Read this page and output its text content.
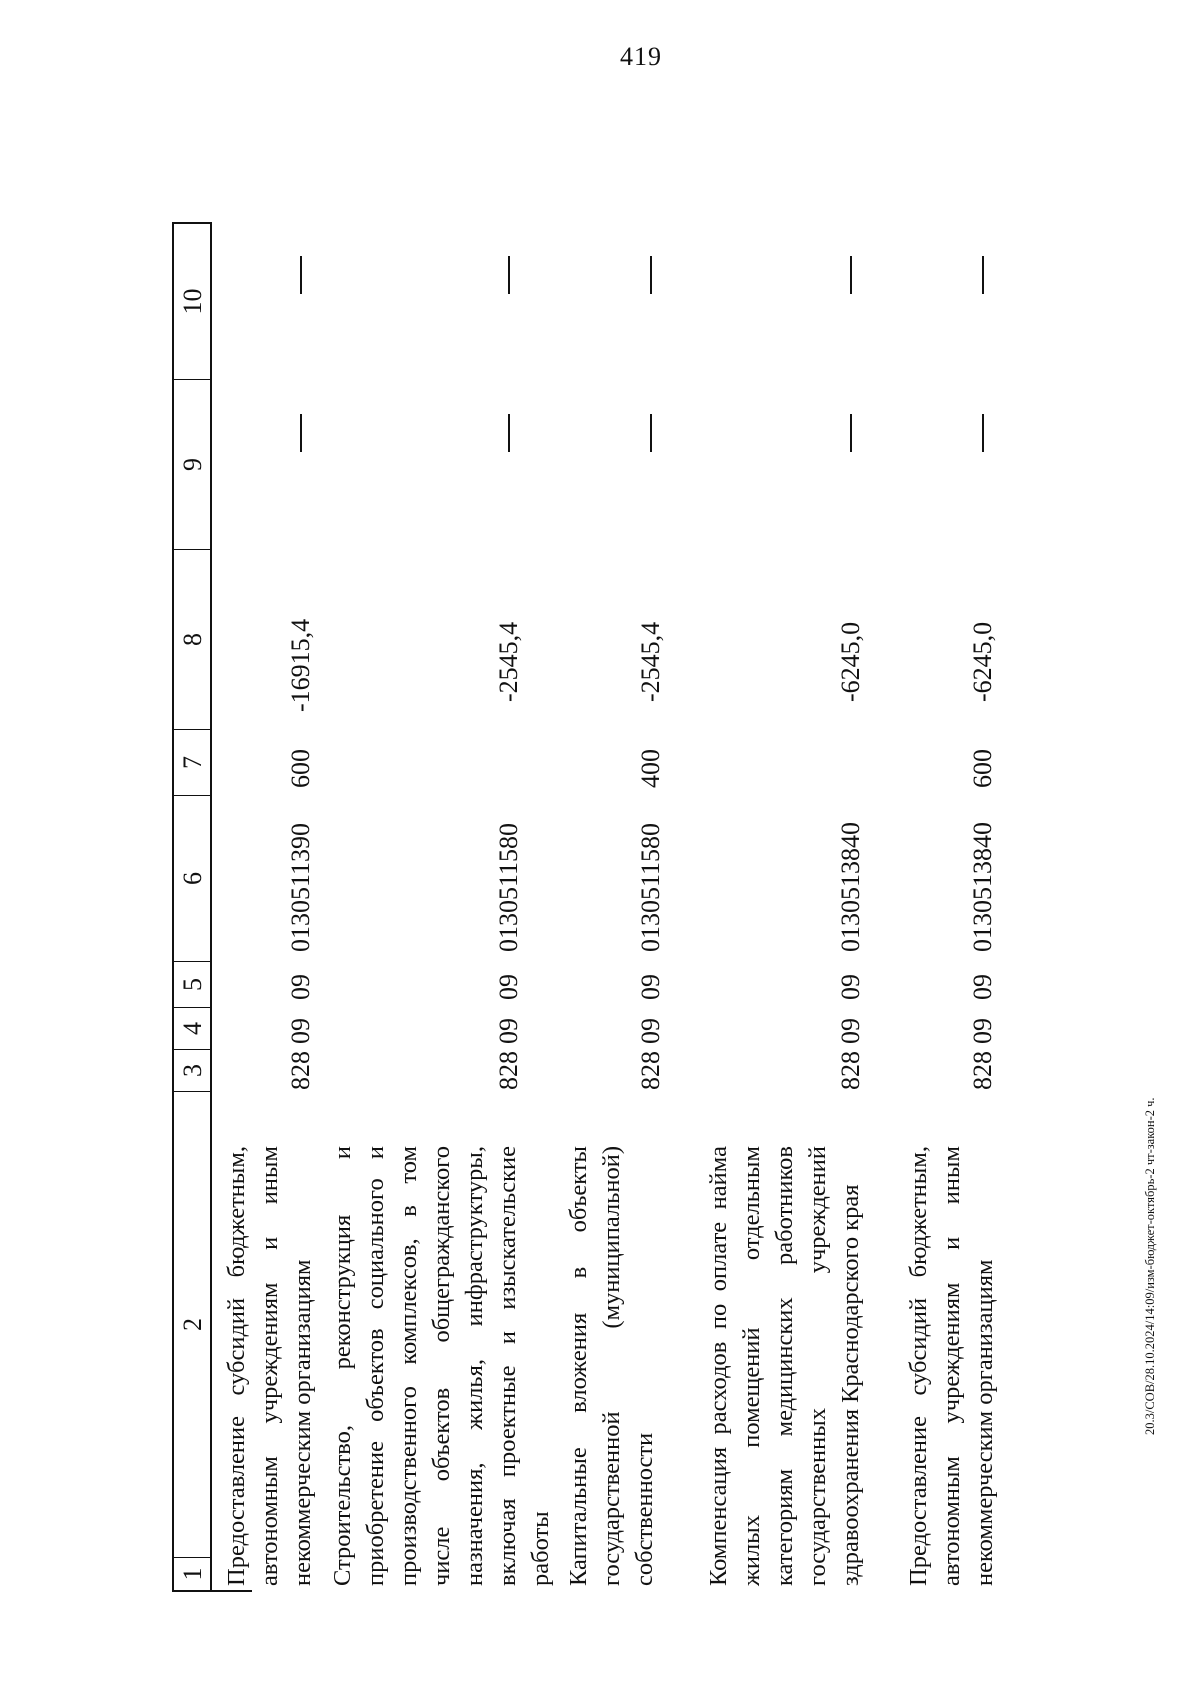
419
20.3/СОВ/28.10.2024/14:09/изм-бюджет-октябрь-2 чт-закон-2 ч.
1
2
3
4
5
6
7
8
9
10
Предоставление субсидий бюджетным, автономным учреждениям и иным некоммерческим организациям
828
09
09
0130511390
600
-16915,4
Строительство, реконструкция и приобретение объектов социального и производственного комплексов, в том числе объектов общегражданского назначения, жилья, инфраструктуры, включая проектные и изыскательские работы
828
09
09
0130511580
-2545,4
Капитальные вложения в объекты государственной (муниципальной) собственности
828
09
09
0130511580
400
-2545,4
Компенсация расходов по оплате найма жилых помещений отдельным категориям медицинских работников государственных учреждений здравоохранения Краснодарского края
828
09
09
0130513840
-6245,0
Предоставление субсидий бюджетным, автономным учреждениям и иным некоммерческим организациям
828
09
09
0130513840
600
-6245,0
